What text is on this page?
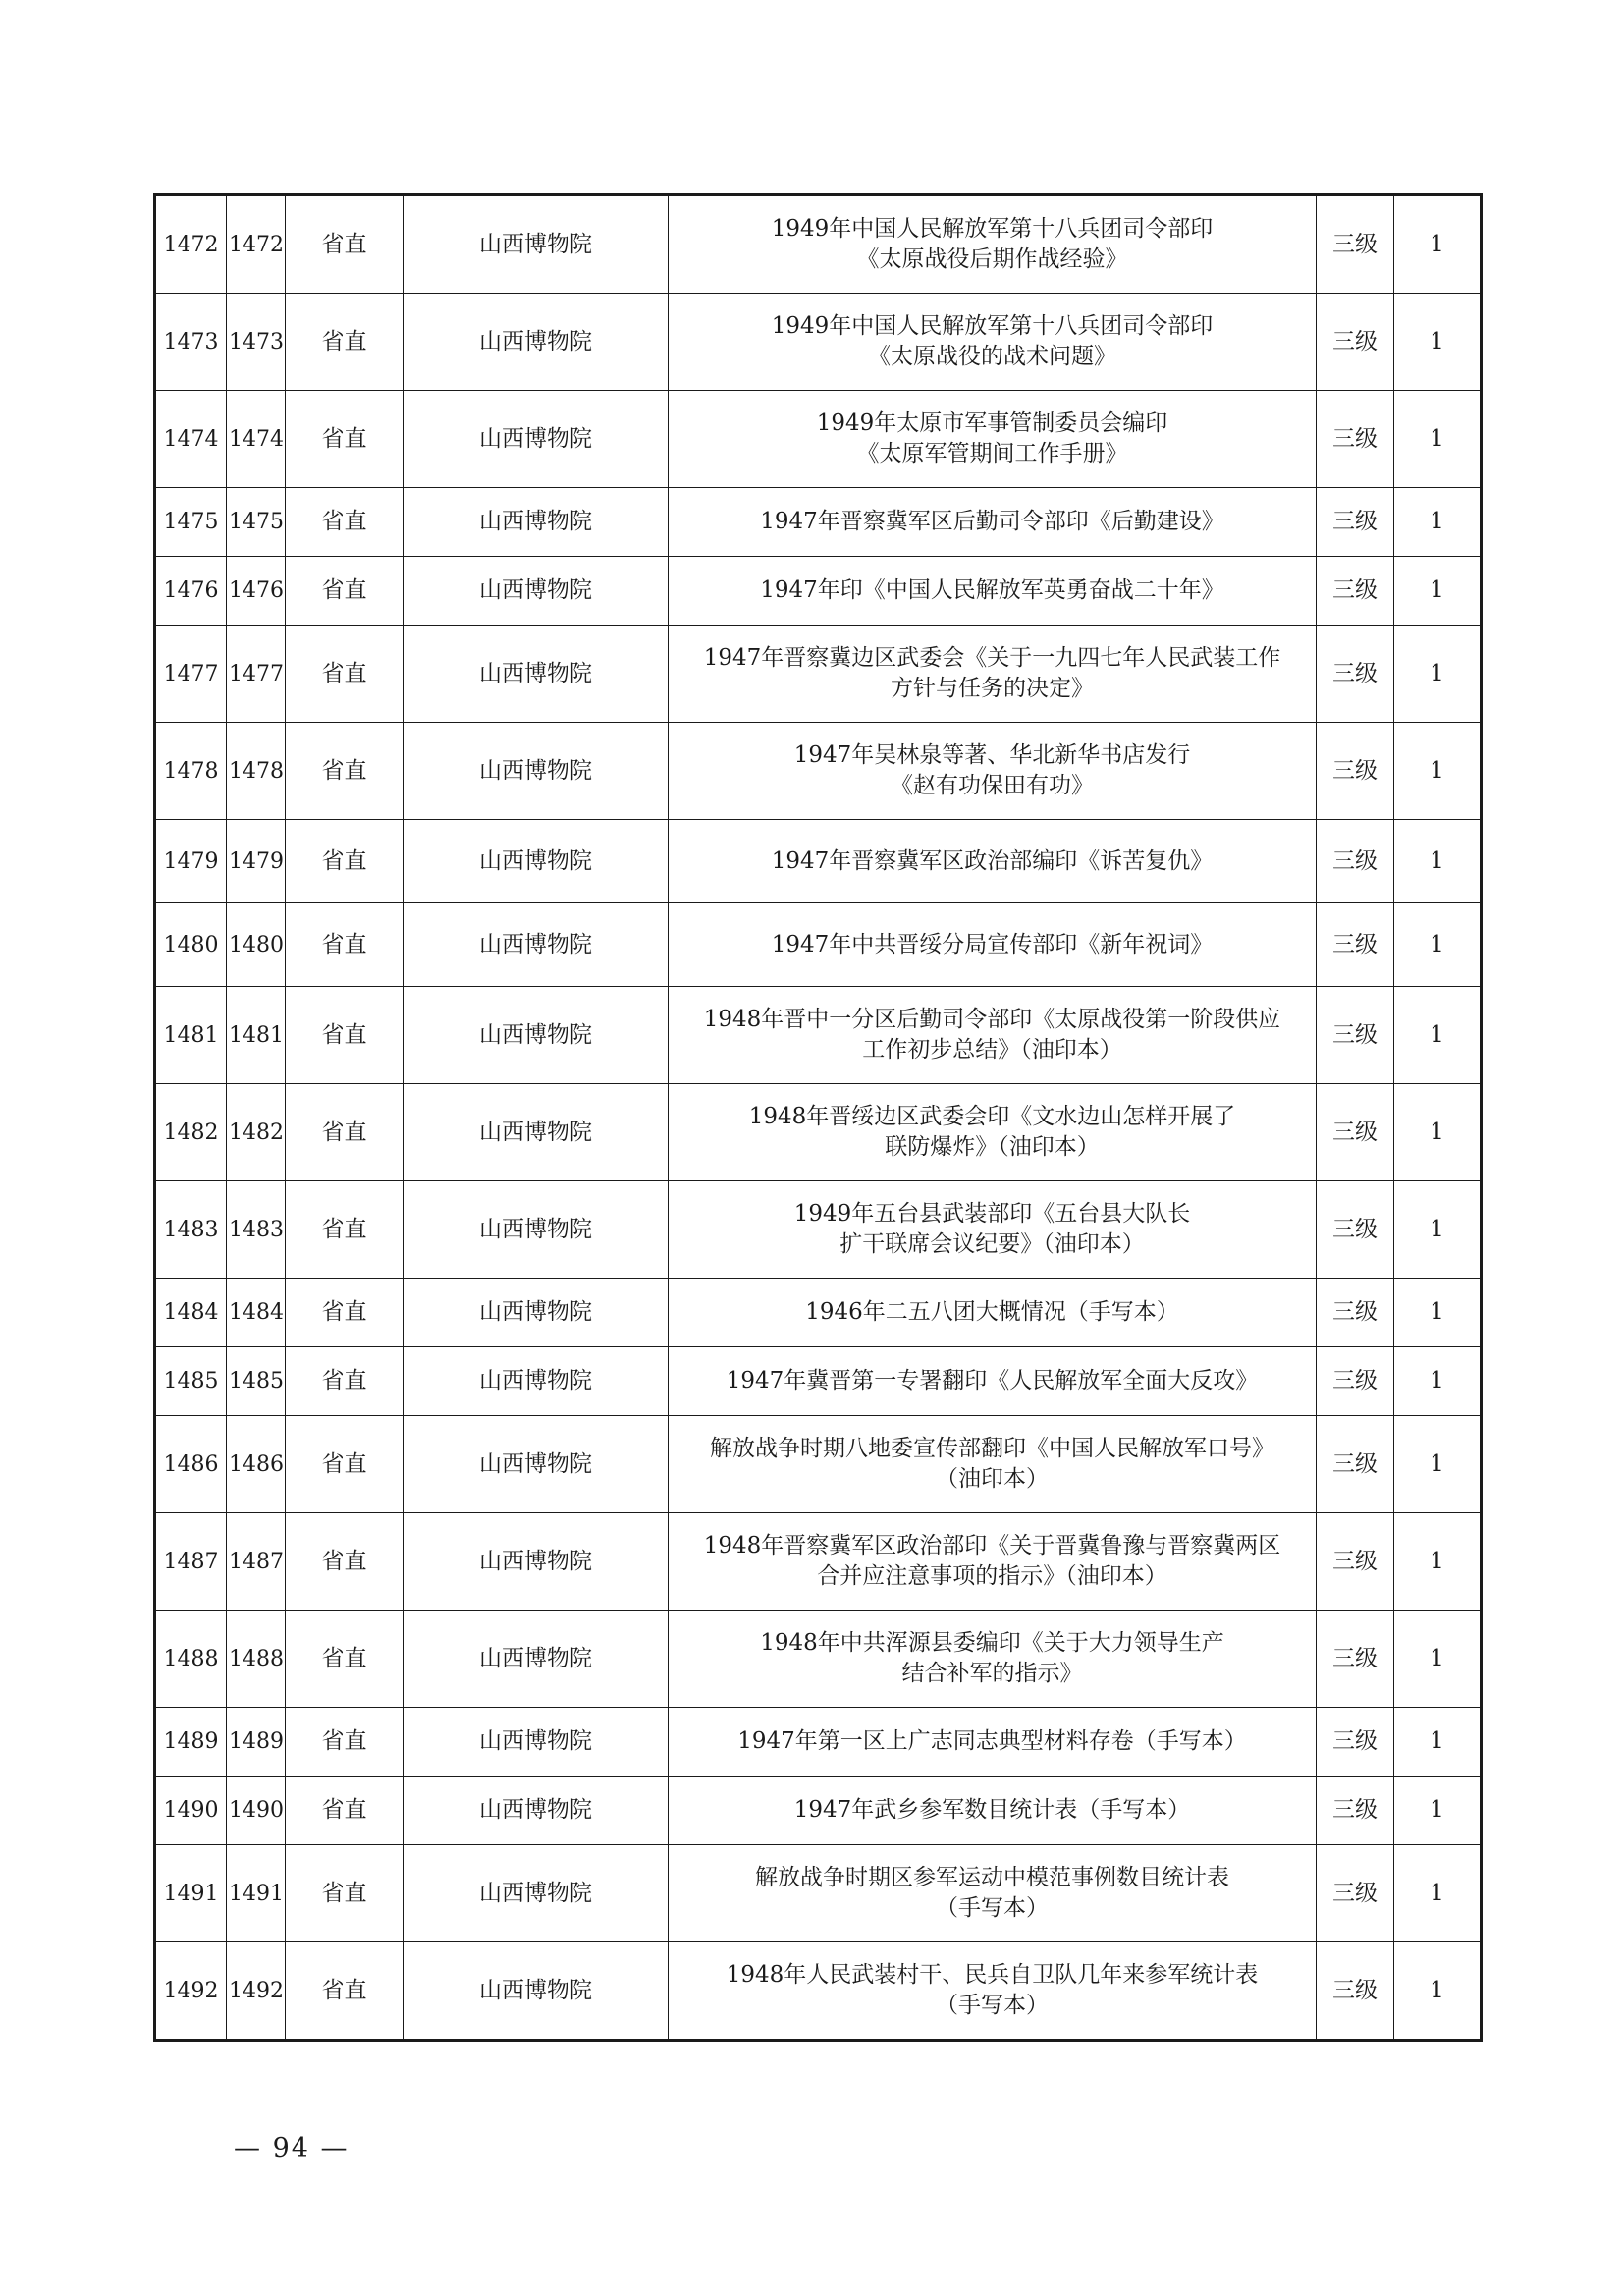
1472	1472	省直	山西博物院	1949年中国人民解放军第十八兵团司令部印
《太原战役后期作战经验》	三级	1
1473	1473	省直	山西博物院	1949年中国人民解放军第十八兵团司令部印
《太原战役的战术问题》	三级	1
1474	1474	省直	山西博物院	1949年太原市军事管制委员会编印
《太原军管期间工作手册》	三级	1
1475	1475	省直	山西博物院	1947年晋察冀军区后勤司令部印《后勤建设》	三级	1
1476	1476	省直	山西博物院	1947年印《中国人民解放军英勇奋战二十年》	三级	1
1477	1477	省直	山西博物院	1947年晋察冀边区武委会《关于一九四七年人民武装工作
方针与任务的决定》	三级	1
1478	1478	省直	山西博物院	1947年吴林泉等著、华北新华书店发行
《赵有功保田有功》	三级	1
1479	1479	省直	山西博物院	1947年晋察冀军区政治部编印《诉苦复仇》	三级	1
1480	1480	省直	山西博物院	1947年中共晋绥分局宣传部印《新年祝词》	三级	1
1481	1481	省直	山西博物院	1948年晋中一分区后勤司令部印《太原战役第一阶段供应
工作初步总结》（油印本）	三级	1
1482	1482	省直	山西博物院	1948年晋绥边区武委会印《文水边山怎样开展了
联防爆炸》（油印本）	三级	1
1483	1483	省直	山西博物院	1949年五台县武装部印《五台县大队长
扩干联席会议纪要》（油印本）	三级	1
1484	1484	省直	山西博物院	1946年二五八团大概情况（手写本）	三级	1
1485	1485	省直	山西博物院	1947年冀晋第一专署翻印《人民解放军全面大反攻》	三级	1
1486	1486	省直	山西博物院	解放战争时期八地委宣传部翻印《中国人民解放军口号》
（油印本）	三级	1
1487	1487	省直	山西博物院	1948年晋察冀军区政治部印《关于晋冀鲁豫与晋察冀两区
合并应注意事项的指示》（油印本）	三级	1
1488	1488	省直	山西博物院	1948年中共浑源县委编印《关于大力领导生产
结合补军的指示》	三级	1
1489	1489	省直	山西博物院	1947年第一区上广志同志典型材料存卷（手写本）	三级	1
1490	1490	省直	山西博物院	1947年武乡参军数目统计表（手写本）	三级	1
1491	1491	省直	山西博物院	解放战争时期区参军运动中模范事例数目统计表
（手写本）	三级	1
1492	1492	省直	山西博物院	1948年人民武装村干、民兵自卫队几年来参军统计表
（手写本）	三级	1
— 94 —
